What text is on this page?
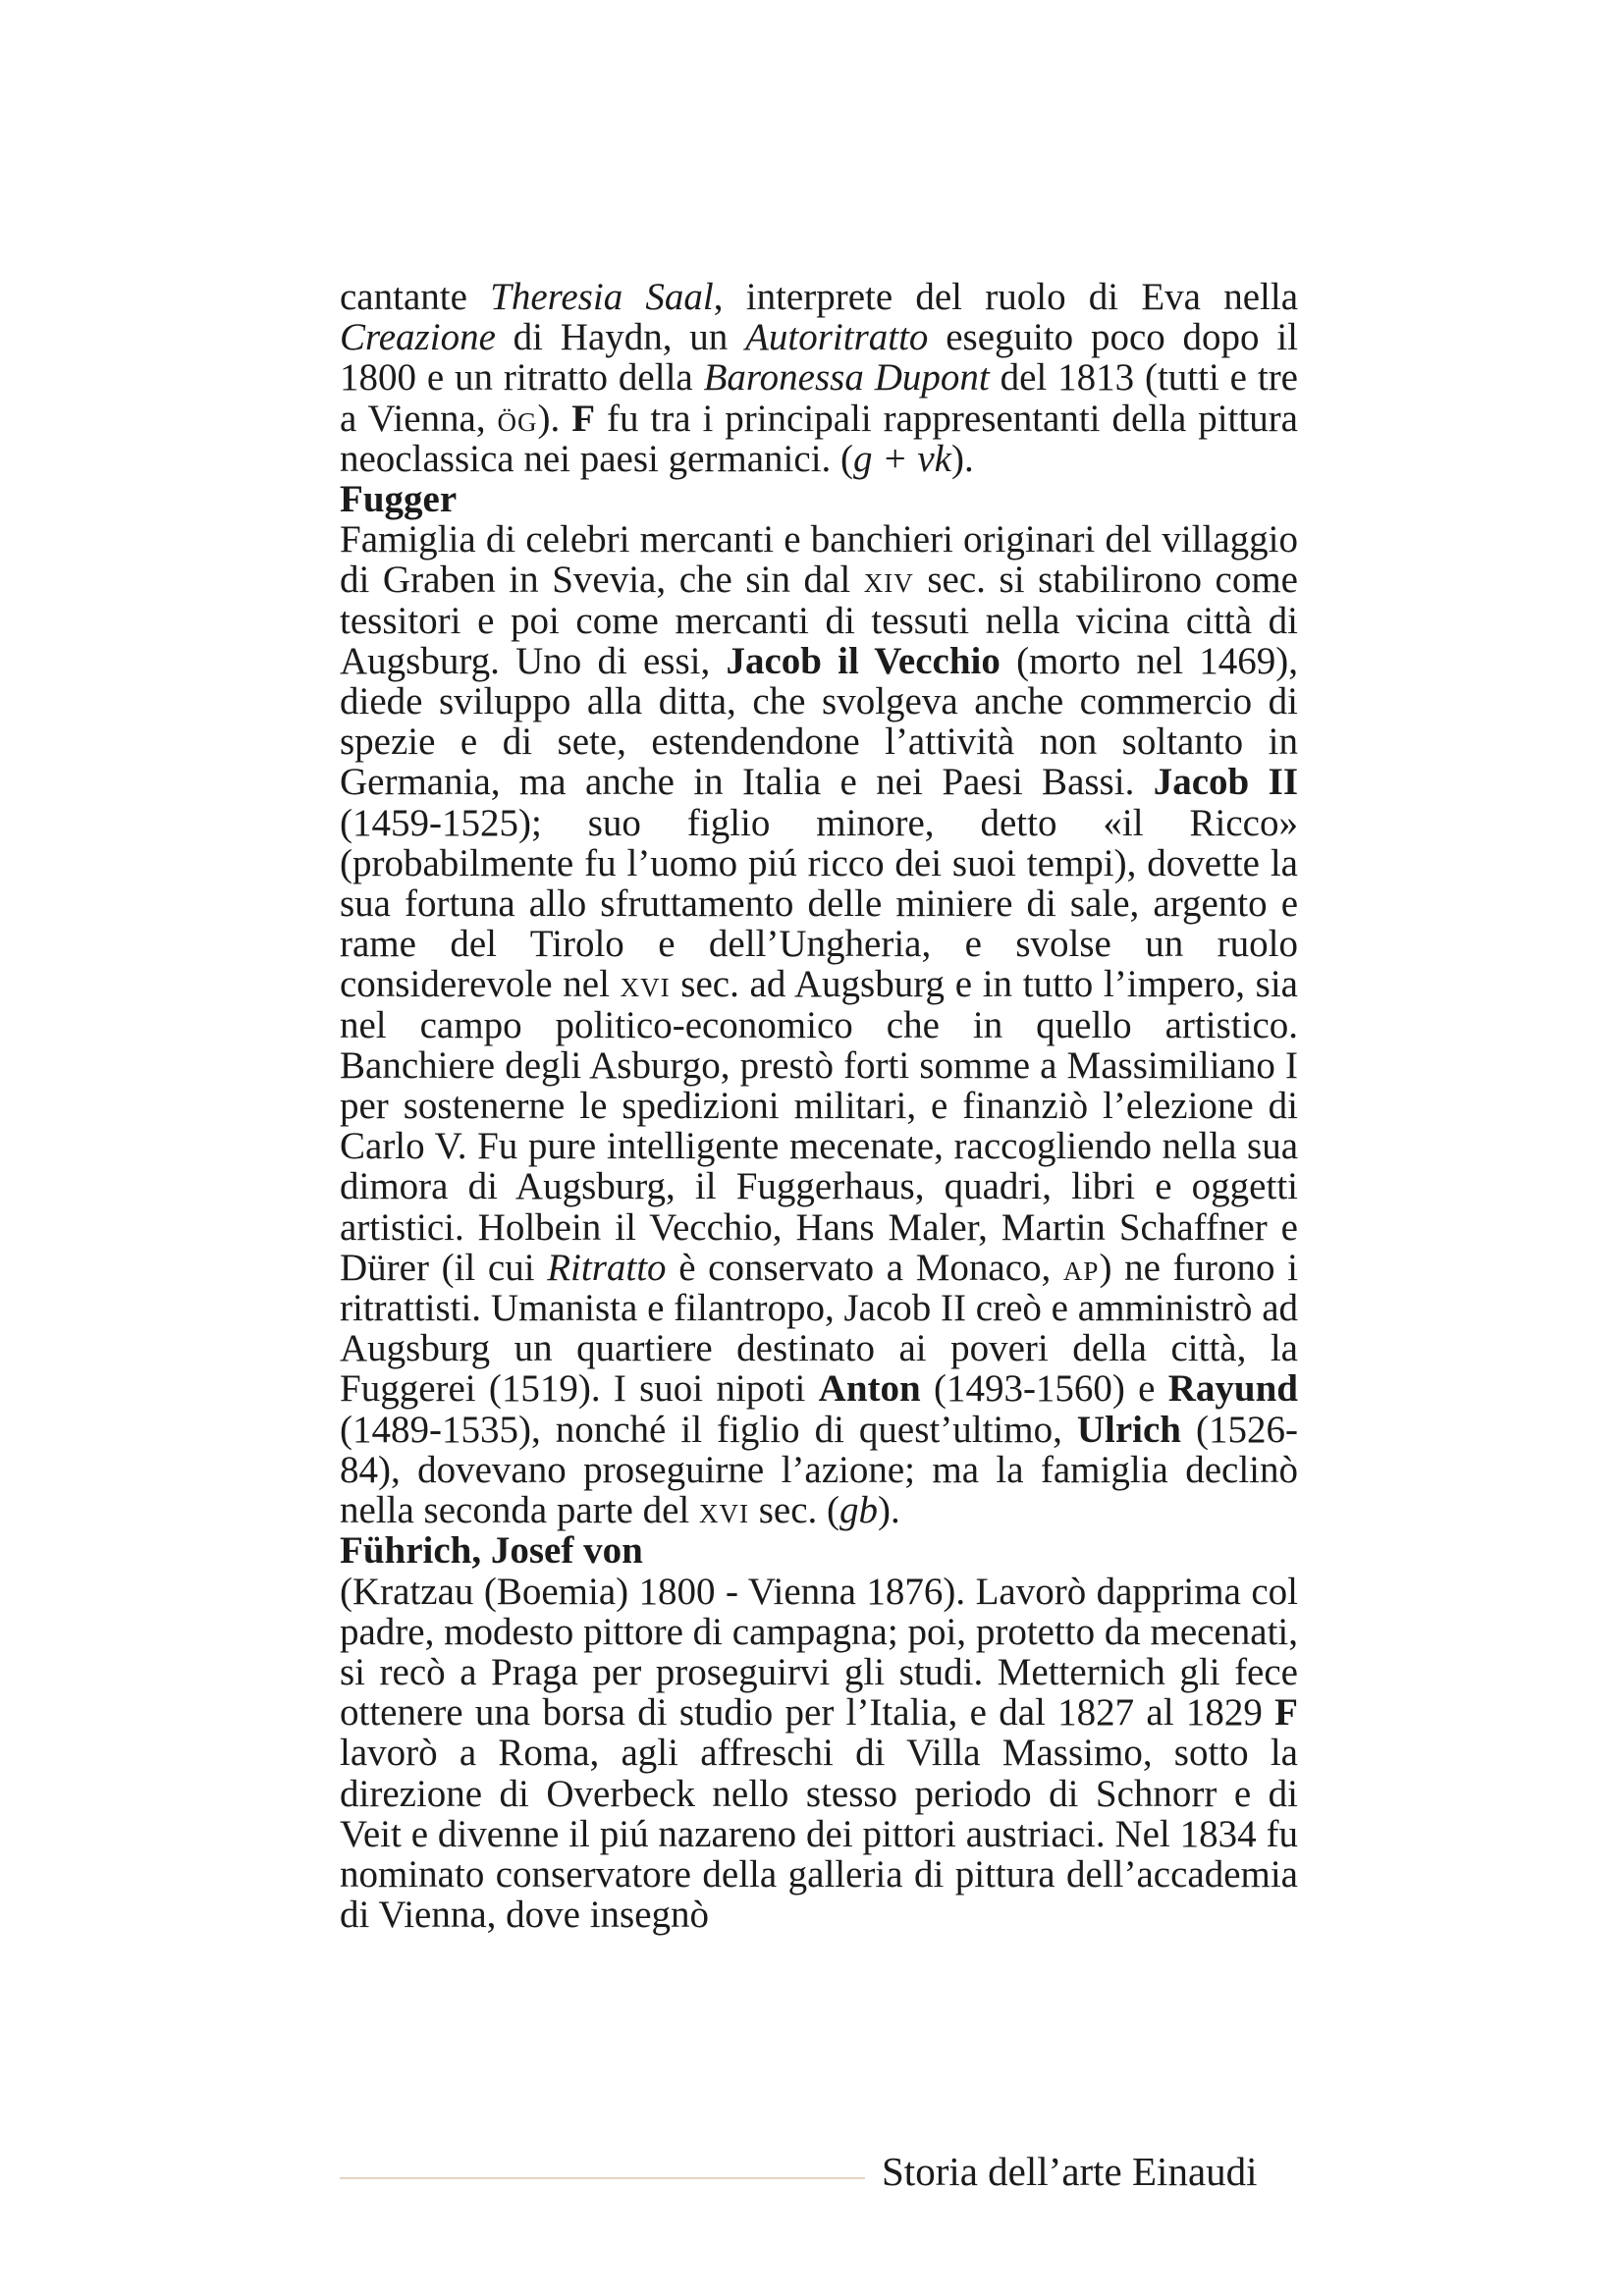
cantante Theresia Saal, interprete del ruolo di Eva nella Creazione di Haydn, un Autoritratto eseguito poco dopo il 1800 e un ritratto della Baronessa Dupont del 1813 (tutti e tre a Vienna, ög). F fu tra i principali rappresentanti della pittura neoclassica nei paesi germanici. (g + vk).

Fugger

Famiglia di celebri mercanti e banchieri originari del villaggio di Graben in Svevia, che sin dal xiv sec. si stabilirono come tessitori e poi come mercanti di tessuti nella vicina città di Augsburg. Uno di essi, Jacob il Vecchio (morto nel 1469), diede sviluppo alla ditta, che svolgeva anche commercio di spezie e di sete, estendendone l’attività non soltanto in Germania, ma anche in Italia e nei Paesi Bassi. Jacob II (1459-1525); suo figlio minore, detto «il Ricco» (probabilmente fu l’uomo piú ricco dei suoi tempi), dovette la sua fortuna allo sfruttamento delle miniere di sale, argento e rame del Tirolo e dell’Ungheria, e svolse un ruolo considerevole nel xvi sec. ad Augsburg e in tutto l’impero, sia nel campo politico-economico che in quello artistico. Banchiere degli Asburgo, prestò forti somme a Massimiliano I per sostenerne le spedizioni militari, e finanziò l’elezione di Carlo V. Fu pure intelligente mecenate, raccogliendo nella sua dimora di Augsburg, il Fuggerhaus, quadri, libri e oggetti artistici. Holbein il Vecchio, Hans Maler, Martin Schaffner e Dürer (il cui Ritratto è conservato a Monaco, ap) ne furono i ritrattisti. Umanista e filantropo, Jacob II creò e amministrò ad Augsburg un quartiere destinato ai poveri della città, la Fuggerei (1519). I suoi nipoti Anton (1493-1560) e Rayund (1489-1535), nonché il figlio di quest’ultimo, Ulrich (1526-84), dovevano proseguirne l’azione; ma la famiglia declinò nella seconda parte del xvi sec. (gb).

Führich, Josef von

(Kratzau (Boemia) 1800 - Vienna 1876). Lavorò dapprima col padre, modesto pittore di campagna; poi, protetto da mecenati, si recò a Praga per proseguirvi gli studi. Metternich gli fece ottenere una borsa di studio per l’Italia, e dal 1827 al 1829 F lavorò a Roma, agli affreschi di Villa Massimo, sotto la direzione di Overbeck nello stesso periodo di Schnorr e di Veit e divenne il piú nazareno dei pittori austriaci. Nel 1834 fu nominato conservatore della galleria di pittura dell’accademia di Vienna, dove insegnò

Storia dell’arte Einaudi
